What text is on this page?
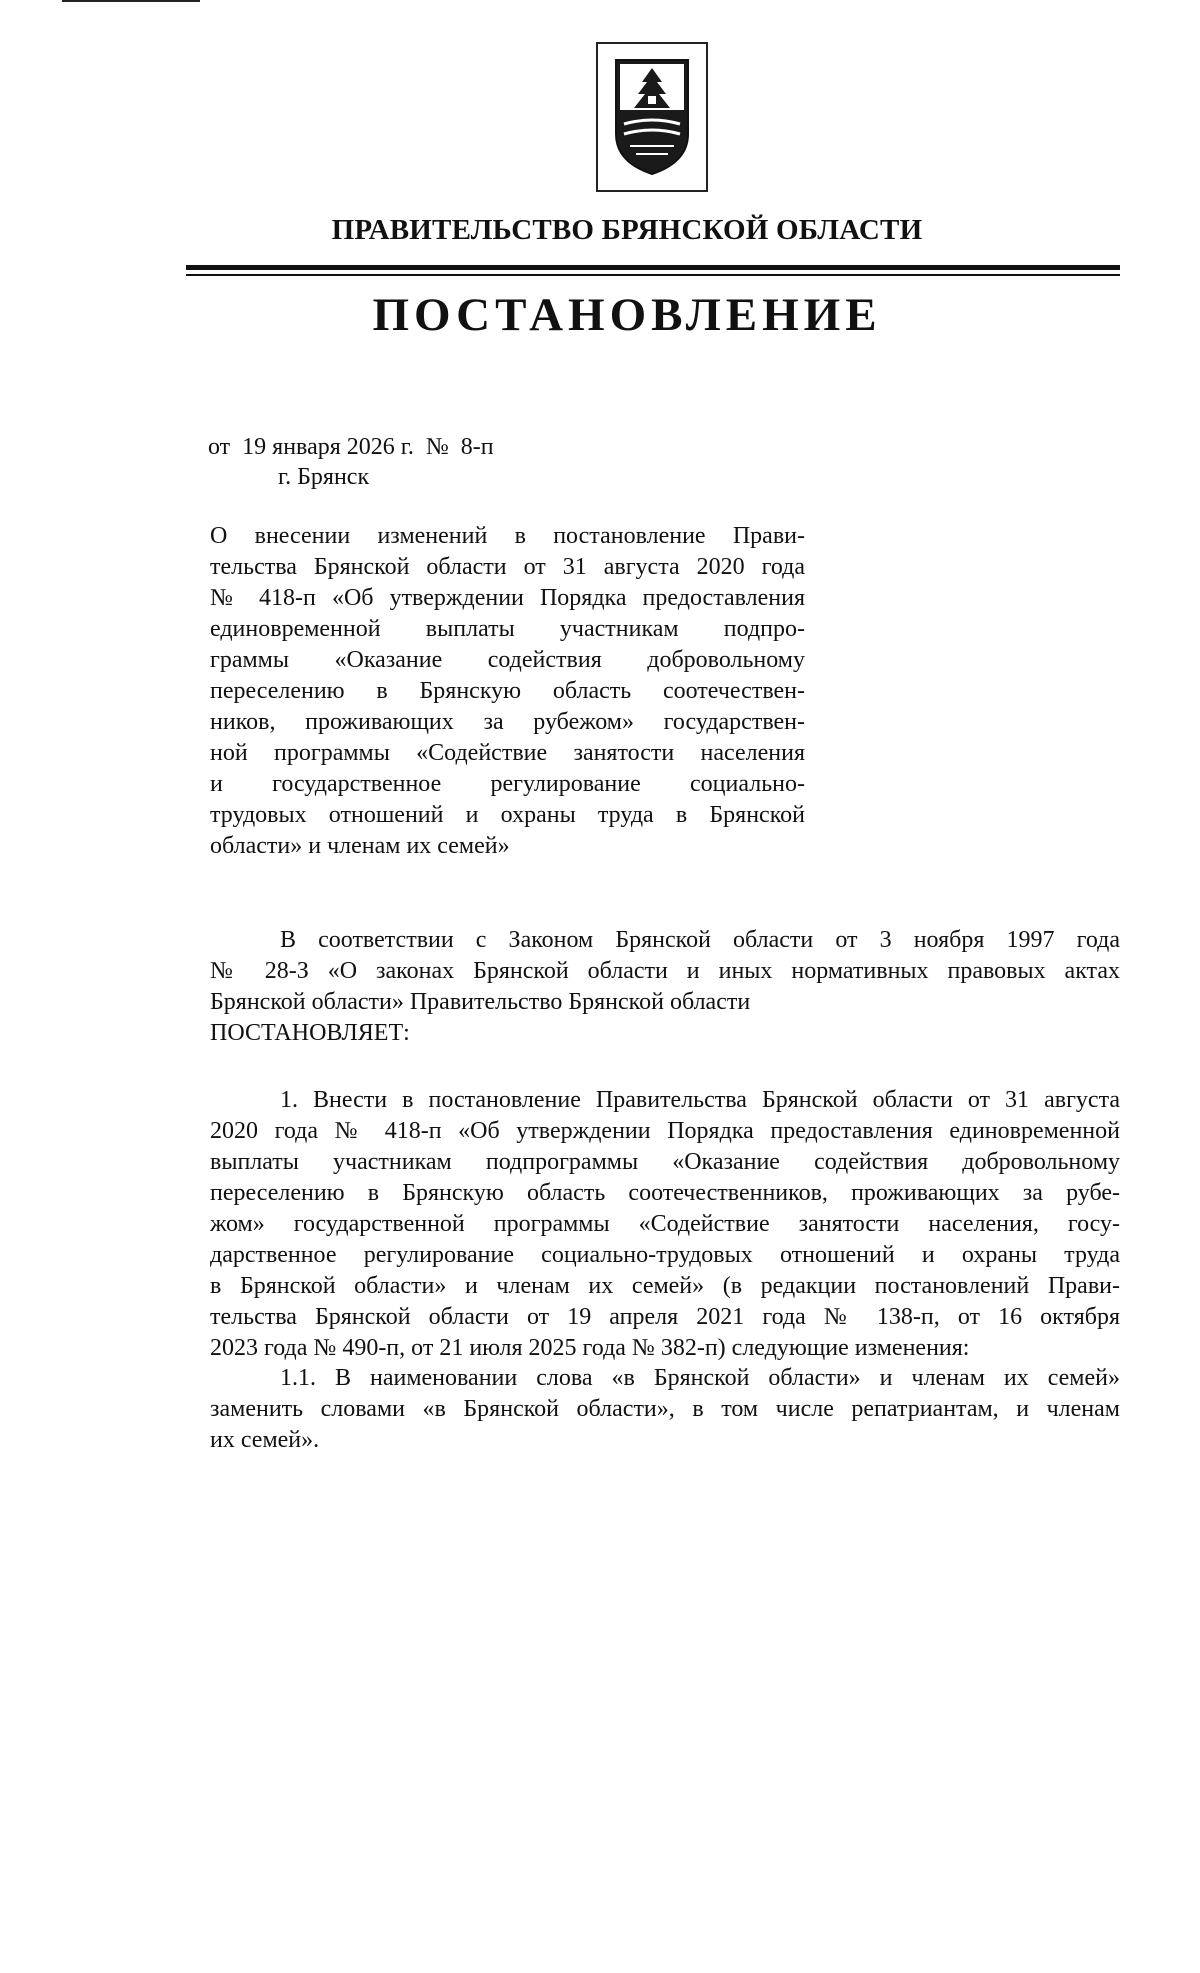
ПРАВИТЕЛЬСТВО БРЯНСКОЙ ОБЛАСТИ
ПОСТАНОВЛЕНИЕ
от  19 января 2026 г.  №  8-п
г. Брянск
О внесении изменений в постановление Прави-
тельства Брянской области от 31 августа 2020 года
№ 418-п «Об утверждении Порядка предоставления
единовременной выплаты участникам подпро-
граммы «Оказание содействия добровольному
переселению в Брянскую область соотечествен-
ников, проживающих за рубежом» государствен-
ной программы «Содействие занятости населения
и государственное регулирование социально-
трудовых отношений и охраны труда в Брянской
области» и членам их семей»
В соответствии с Законом Брянской области от 3 ноября 1997 года
№ 28-З «О законах Брянской области и иных нормативных правовых актах
Брянской области» Правительство Брянской области
ПОСТАНОВЛЯЕТ:
1. Внести в постановление Правительства Брянской области от 31 августа
2020 года № 418-п «Об утверждении Порядка предоставления единовременной
выплаты участникам подпрограммы «Оказание содействия добровольному
переселению в Брянскую область соотечественников, проживающих за рубе-
жом» государственной программы «Содействие занятости населения, госу-
дарственное регулирование социально-трудовых отношений и охраны труда
в Брянской области» и членам их семей» (в редакции постановлений Прави-
тельства Брянской области от 19 апреля 2021 года № 138-п, от 16 октября
2023 года № 490-п, от 21 июля 2025 года № 382-п) следующие изменения:
1.1. В наименовании слова «в Брянской области» и членам их семей»
заменить словами «в Брянской области», в том числе репатриантам, и членам
их семей».
